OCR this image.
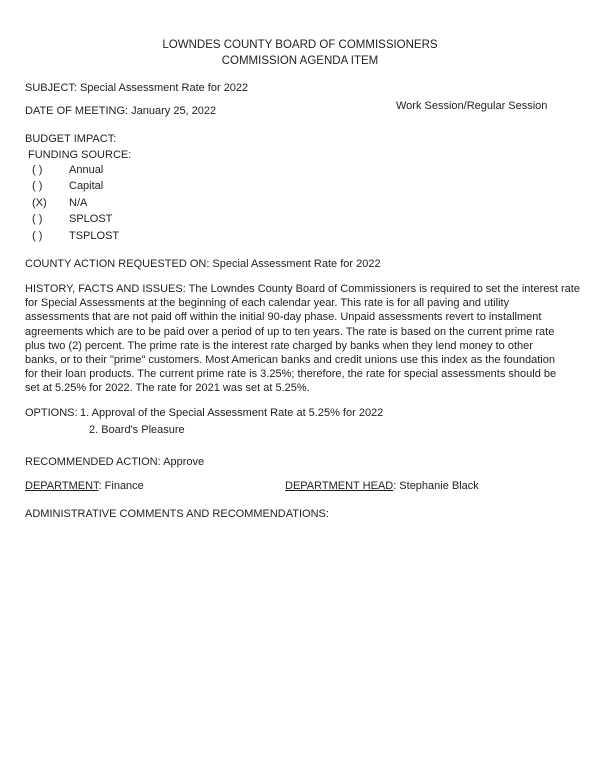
LOWNDES COUNTY BOARD OF COMMISSIONERS
COMMISSION AGENDA ITEM
SUBJECT: Special Assessment Rate for 2022
DATE OF MEETING: January 25, 2022	Work Session/Regular Session
BUDGET IMPACT:
FUNDING SOURCE:
( ) Annual
( ) Capital
(X) N/A
( ) SPLOST
( ) TSPLOST
COUNTY ACTION REQUESTED ON: Special Assessment Rate for 2022
HISTORY, FACTS AND ISSUES: The Lowndes County Board of Commissioners is required to set the interest rate
for Special Assessments at the beginning of each calendar year. This rate is for all paving and utility
assessments that are not paid off within the initial 90-day phase. Unpaid assessments revert to installment
agreements which are to be paid over a period of up to ten years. The rate is based on the current prime rate
plus two (2) percent. The prime rate is the interest rate charged by banks when they lend money to other
banks, or to their "prime" customers. Most American banks and credit unions use this index as the foundation
for their loan products. The current prime rate is 3.25%; therefore, the rate for special assessments should be
set at 5.25% for 2022. The rate for 2021 was set at 5.25%.
OPTIONS: 1. Approval of the Special Assessment Rate at 5.25% for 2022
2. Board's Pleasure
RECOMMENDED ACTION: Approve
DEPARTMENT: Finance	DEPARTMENT HEAD: Stephanie Black
ADMINISTRATIVE COMMENTS AND RECOMMENDATIONS:
